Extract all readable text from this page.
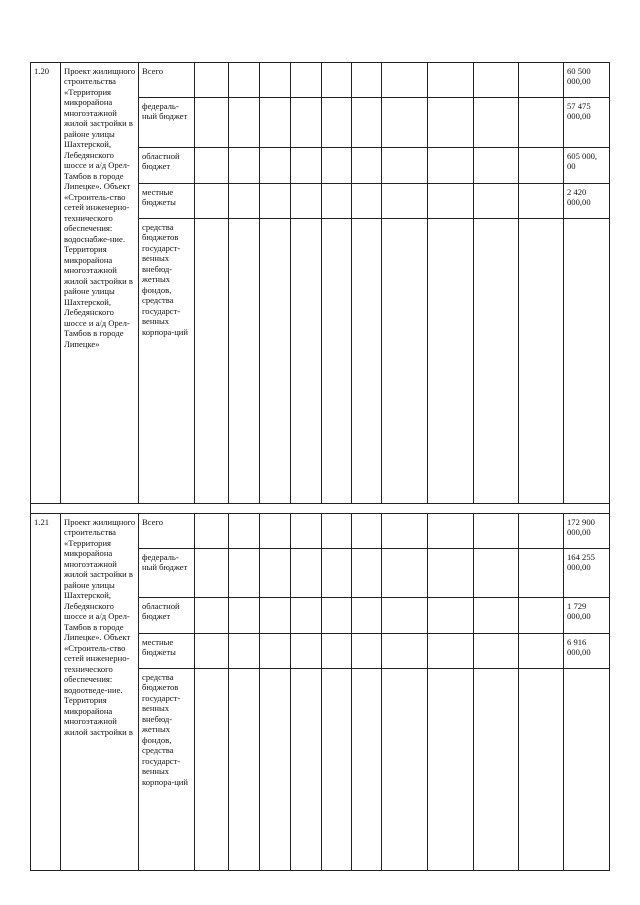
1.20	Проект жилищного строительства «Территория микрорайона многоэтажной жилой застройки в районе улицы Шахтерской, Лебедянского шоссе и а/д Орел-Тамбов в городе Липецке». Объект «Строитель-ство сетей инженерно-технического обеспечения: водоснабже-ние. Территория микрорайона многоэтажной жилой застройки в районе улицы Шахтерской, Лебедянского шоссе и а/д Орел-Тамбов в городе Липецке»	Всего											60 500 000,00
		федераль-ный бюджет											57 475 000,00
		областной бюджет											605 000, 00
		местные бюджеты											2 420 000,00
		средства бюджетов государст-венных внебюд-жетных фондов, средства государст-венных корпора-ций											

1.21	Проект жилищного строительства «Территория микрорайона многоэтажной жилой застройки в районе улицы Шахтерской, Лебедянского шоссе и а/д Орел-Тамбов в городе Липецке». Объект «Строитель-ство сетей инженерно-технического обеспечения: водоотведе-ние. Территория микрорайона многоэтажной жилой застройки в	Всего											172 900 000,00
		федераль-ный бюджет											164 255 000,00
		областной бюджет											1 729 000,00
		местные бюджеты											6 916 000,00
		средства бюджетов государст-венных внебюд-жетных фондов, средства государст-венных корпора-ций											
